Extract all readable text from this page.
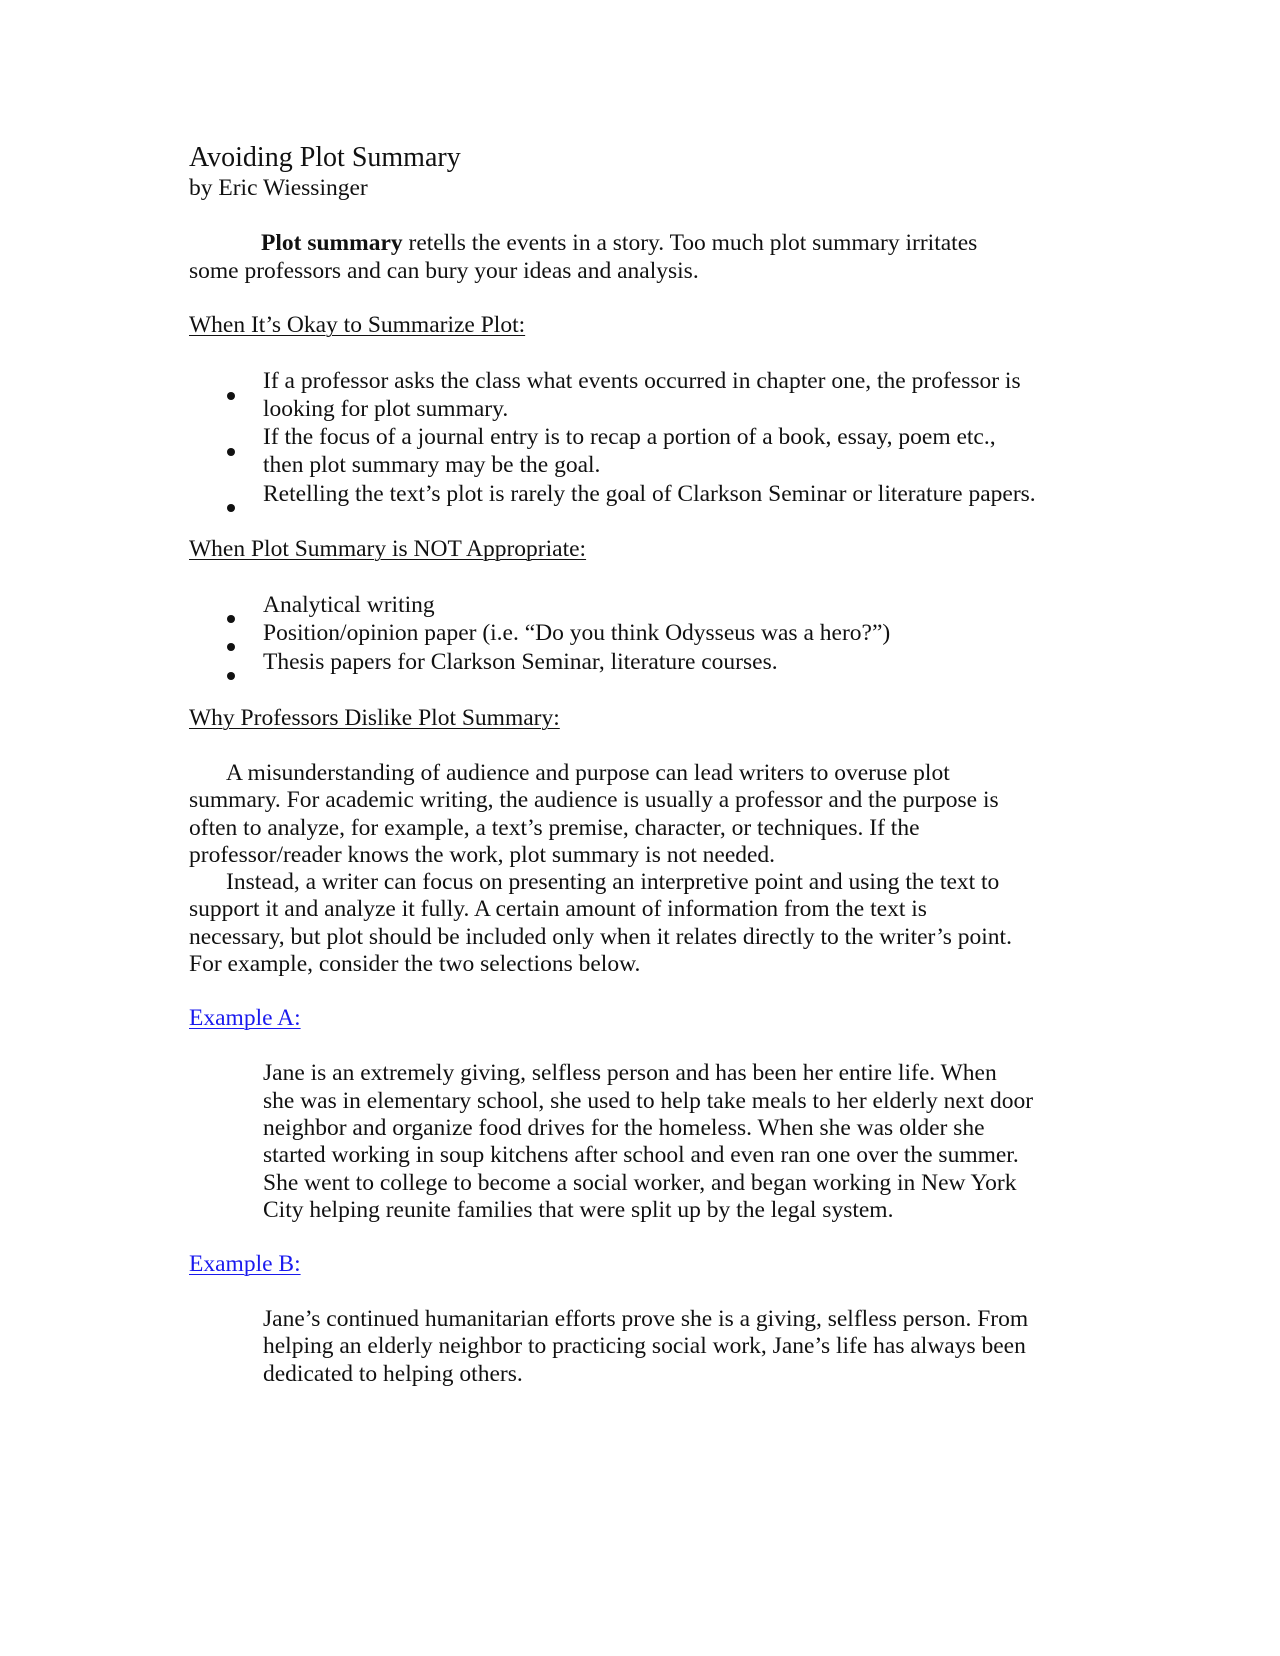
Avoiding Plot Summary
by Eric Wiessinger
Plot summary retells the events in a story. Too much plot summary irritates
some professors and can bury your ideas and analysis.
When It’s Okay to Summarize Plot:
If a professor asks the class what events occurred in chapter one, the professor is
looking for plot summary.
If the focus of a journal entry is to recap a portion of a book, essay, poem etc.,
then plot summary may be the goal.
Retelling the text’s plot is rarely the goal of Clarkson Seminar or literature papers.
When Plot Summary is NOT Appropriate:
Analytical writing
Position/opinion paper (i.e. “Do you think Odysseus was a hero?”)
Thesis papers for Clarkson Seminar, literature courses.
Why Professors Dislike Plot Summary:
A misunderstanding of audience and purpose can lead writers to overuse plot
summary. For academic writing, the audience is usually a professor and the purpose is
often to analyze, for example, a text’s premise, character, or techniques. If the
professor/reader knows the work, plot summary is not needed.
Instead, a writer can focus on presenting an interpretive point and using the text to
support it and analyze it fully. A certain amount of information from the text is
necessary, but plot should be included only when it relates directly to the writer’s point.
For example, consider the two selections below.
Example A:
Jane is an extremely giving, selfless person and has been her entire life. When
she was in elementary school, she used to help take meals to her elderly next door
neighbor and organize food drives for the homeless. When she was older she
started working in soup kitchens after school and even ran one over the summer.
She went to college to become a social worker, and began working in New York
City helping reunite families that were split up by the legal system.
Example B:
Jane’s continued humanitarian efforts prove she is a giving, selfless person. From
helping an elderly neighbor to practicing social work, Jane’s life has always been
dedicated to helping others.
